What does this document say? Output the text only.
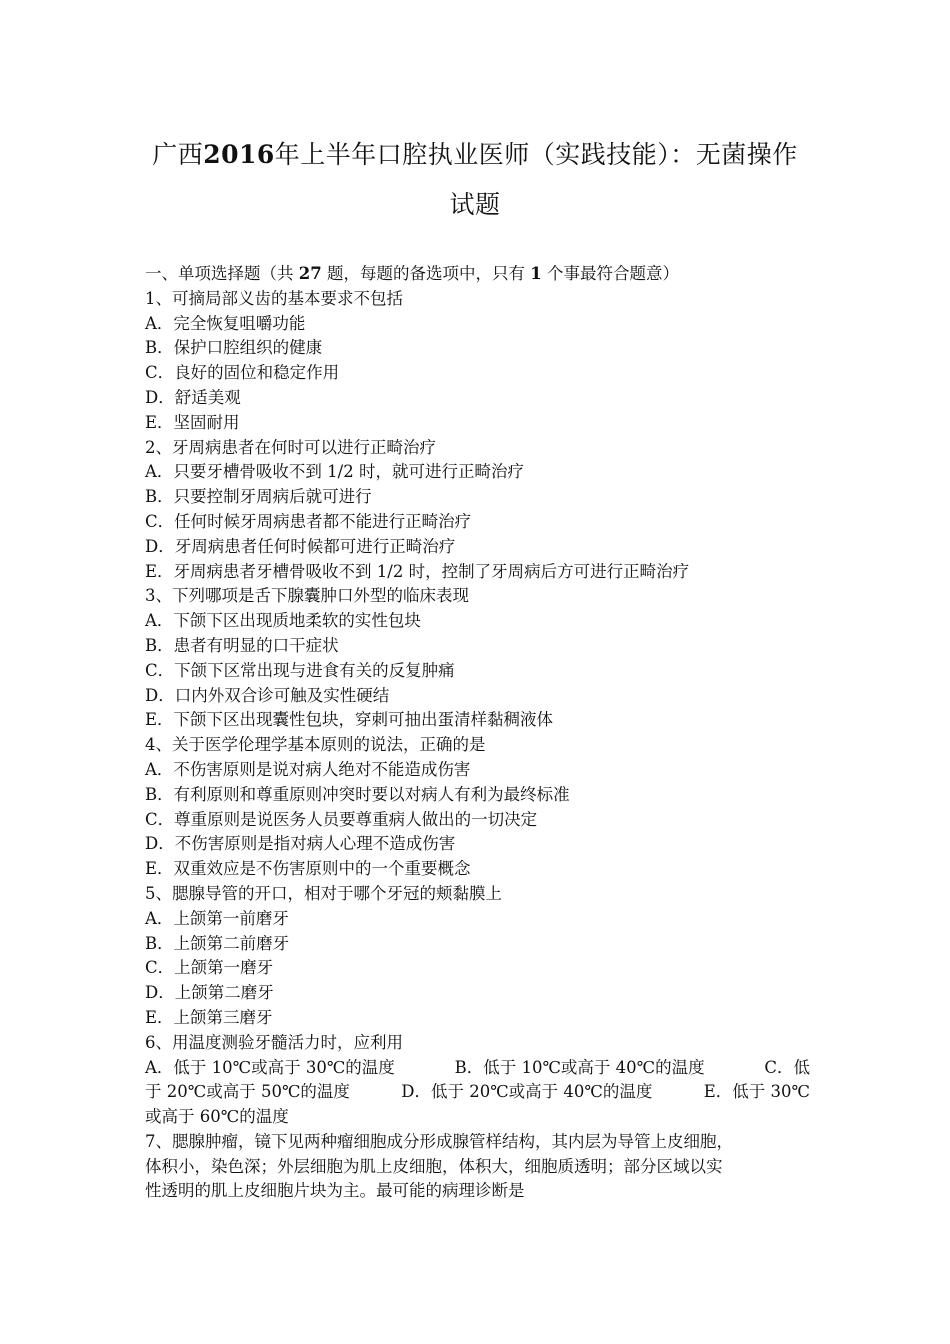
广西2016年上半年口腔执业医师（实践技能）：无菌操作
试题
一、单项选择题（共 27 题，每题的备选项中，只有 1 个事最符合题意）
1、可摘局部义齿的基本要求不包括
A．完全恢复咀嚼功能
B．保护口腔组织的健康
C．良好的固位和稳定作用
D．舒适美观
E．坚固耐用
2、牙周病患者在何时可以进行正畸治疗
A．只要牙槽骨吸收不到 1/2 时，就可进行正畸治疗
B．只要控制牙周病后就可进行
C．任何时候牙周病患者都不能进行正畸治疗
D．牙周病患者任何时候都可进行正畸治疗
E．牙周病患者牙槽骨吸收不到 1/2 时，控制了牙周病后方可进行正畸治疗
3、下列哪项是舌下腺囊肿口外型的临床表现
A．下颌下区出现质地柔软的实性包块
B．患者有明显的口干症状
C．下颌下区常出现与进食有关的反复肿痛
D．口内外双合诊可触及实性硬结
E．下颌下区出现囊性包块，穿刺可抽出蛋清样黏稠液体
4、关于医学伦理学基本原则的说法，正确的是
A．不伤害原则是说对病人绝对不能造成伤害
B．有利原则和尊重原则冲突时要以对病人有利为最终标准
C．尊重原则是说医务人员要尊重病人做出的一切决定
D．不伤害原则是指对病人心理不造成伤害
E．双重效应是不伤害原则中的一个重要概念
5、腮腺导管的开口，相对于哪个牙冠的颊黏膜上
A．上颌第一前磨牙
B．上颌第二前磨牙
C．上颌第一磨牙
D．上颌第二磨牙
E．上颌第三磨牙
6、用温度测验牙髓活力时，应利用
A．低于 10℃或高于 30℃的温度	B．低于 10℃或高于 40℃的温度	C．低
于 20℃或高于 50℃的温度	D．低于 20℃或高于 40℃的温度	E．低于 30℃
或高于 60℃的温度
7、腮腺肿瘤，镜下见两种瘤细胞成分形成腺管样结构，其内层为导管上皮细胞，
体积小，染色深；外层细胞为肌上皮细胞，体积大，细胞质透明；部分区域以实
性透明的肌上皮细胞片块为主。最可能的病理诊断是
